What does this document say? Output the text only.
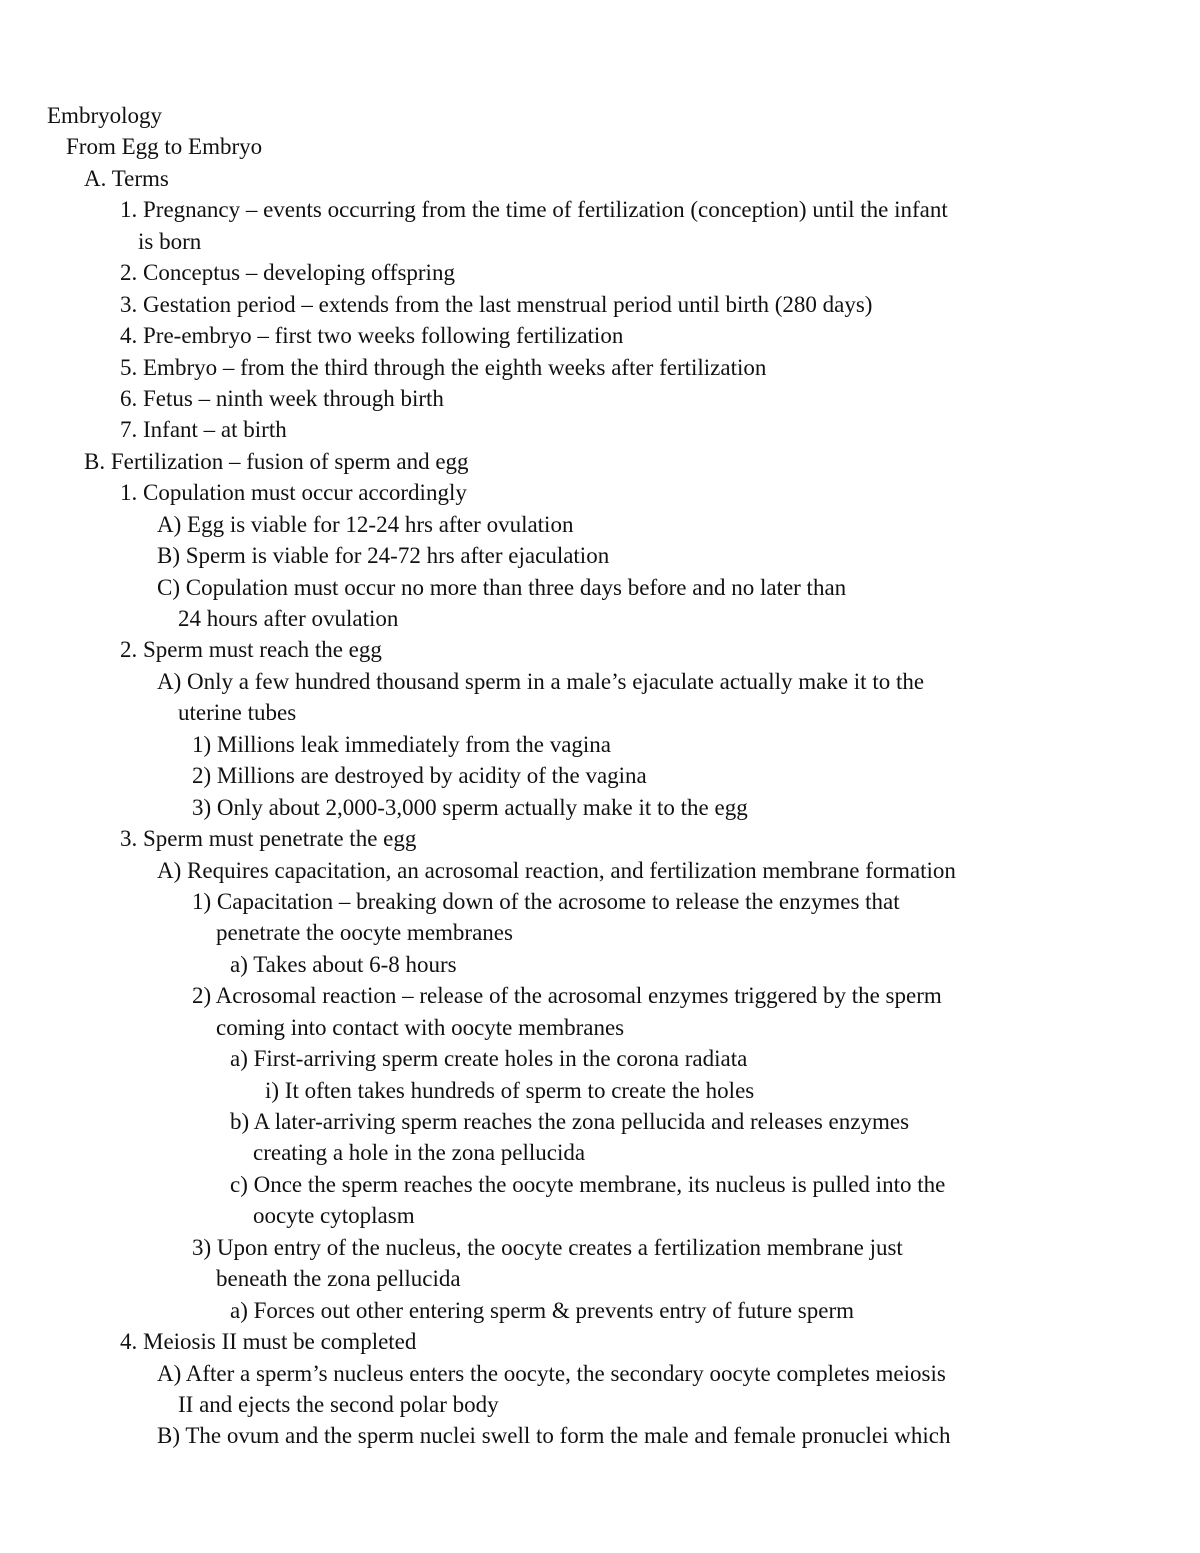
Embryology
From Egg to Embryo
A. Terms
1. Pregnancy – events occurring from the time of fertilization (conception) until the infant
is born
2. Conceptus – developing offspring
3. Gestation period – extends from the last menstrual period until birth (280 days)
4. Pre-embryo – first two weeks following fertilization
5. Embryo – from the third through the eighth weeks after fertilization
6. Fetus – ninth week through birth
7. Infant – at birth
B. Fertilization – fusion of sperm and egg
1. Copulation must occur accordingly
A) Egg is viable for 12-24 hrs after ovulation
B) Sperm is viable for 24-72 hrs after ejaculation
C) Copulation must occur no more than three days before and no later than
24 hours after ovulation
2. Sperm must reach the egg
A) Only a few hundred thousand sperm in a male’s ejaculate actually make it to the
uterine tubes
1) Millions leak immediately from the vagina
2) Millions are destroyed by acidity of the vagina
3) Only about 2,000-3,000 sperm actually make it to the egg
3. Sperm must penetrate the egg
A) Requires capacitation, an acrosomal reaction, and fertilization membrane formation
1) Capacitation – breaking down of the acrosome to release the enzymes that
penetrate the oocyte membranes
a) Takes about 6-8 hours
2) Acrosomal reaction – release of the acrosomal enzymes triggered by the sperm
coming into contact with oocyte membranes
a) First-arriving sperm create holes in the corona radiata
i) It often takes hundreds of sperm to create the holes
b) A later-arriving sperm reaches the zona pellucida and releases enzymes
creating a hole in the zona pellucida
c) Once the sperm reaches the oocyte membrane, its nucleus is pulled into the
oocyte cytoplasm
3) Upon entry of the nucleus, the oocyte creates a fertilization membrane just
beneath the zona pellucida
a) Forces out other entering sperm & prevents entry of future sperm
4. Meiosis II must be completed
A) After a sperm’s nucleus enters the oocyte, the secondary oocyte completes meiosis
II and ejects the second polar body
B) The ovum and the sperm nuclei swell to form the male and female pronuclei which
